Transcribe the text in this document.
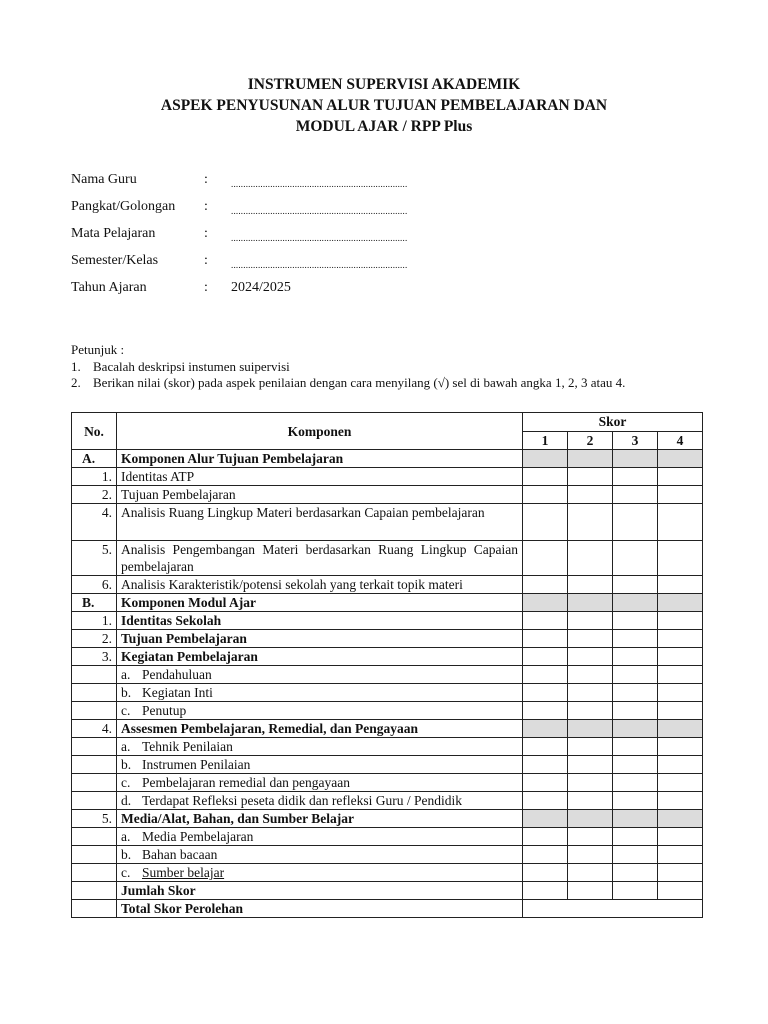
INSTRUMEN SUPERVISI AKADEMIK
ASPEK PENYUSUNAN ALUR TUJUAN PEMBELAJARAN DAN
MODUL AJAR / RPP Plus
Nama Guru	:	........................................................................
Pangkat/Golongan :	........................................................................
Mata Pelajaran	:	........................................................................
Semester/Kelas	:	........................................................................
Tahun Ajaran	: 2024/2025
Petunjuk :
1. Bacalah deskripsi instumen suipervisi
2. Berikan nilai (skor) pada aspek penilaian dengan cara menyilang (√) sel di bawah angka 1, 2, 3 atau 4.
No.	Komponen	Skor			
		1	2	3	4
A.	Komponen Alur Tujuan Pembelajaran				
1.	Identitas ATP				
2.	Tujuan Pembelajaran				
4.	Analisis Ruang Lingkup Materi berdasarkan Capaian pembelajaran				
5.	Analisis Pengembangan Materi berdasarkan Ruang Lingkup Capaian pembelajaran				
6.	Analisis Karakteristik/potensi sekolah yang terkait topik materi				
B.	Komponen Modul Ajar				
1.	Identitas Sekolah				
2.	Tujuan Pembelajaran				
3.	Kegiatan Pembelajaran				
	a. Pendahuluan				
	b. Kegiatan Inti				
	c. Penutup				
4.	Assesmen Pembelajaran, Remedial, dan Pengayaan				
	a. Tehnik Penilaian				
	b. Instrumen Penilaian				
	c. Pembelajaran remedial dan pengayaan				
	d. Terdapat Refleksi peseta didik dan refleksi Guru / Pendidik				
5.	Media/Alat, Bahan, dan Sumber Belajar				
	a. Media Pembelajaran				
	b. Bahan bacaan				
	c. Sumber belajar				
	Jumlah Skor				
	Total Skor Perolehan				
